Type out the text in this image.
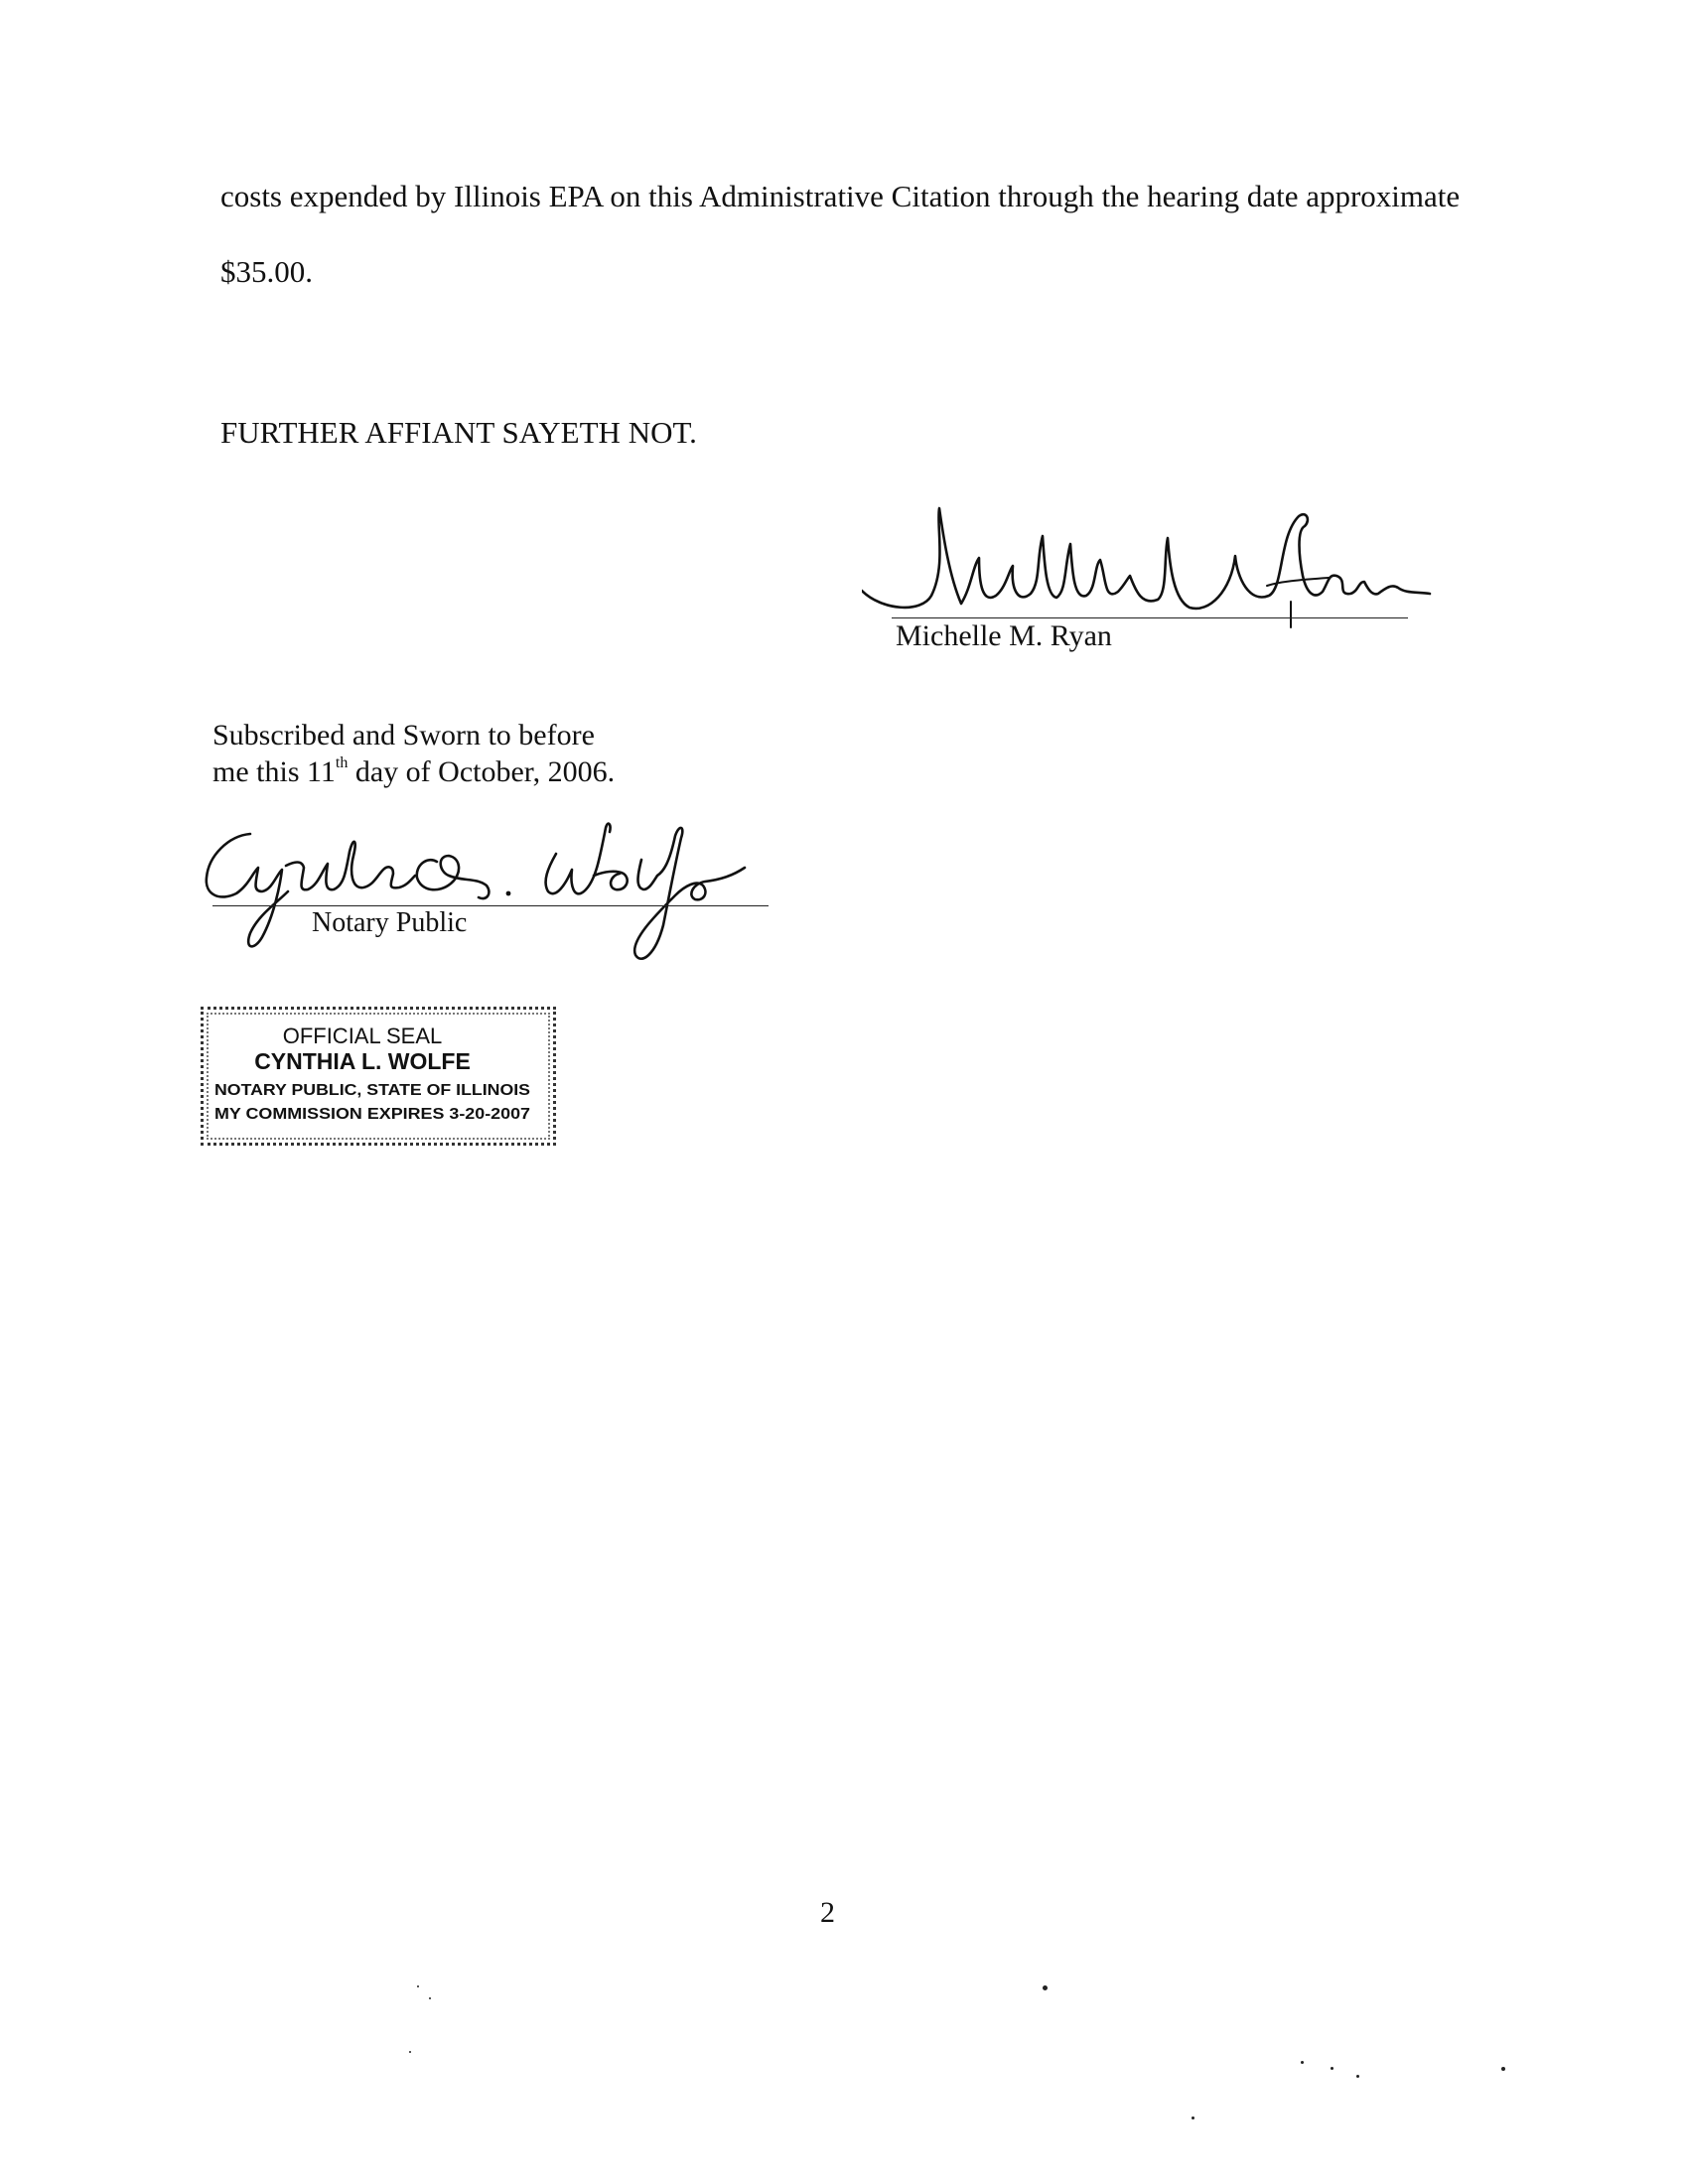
costs expended by Illinois EPA on this Administrative Citation through the hearing date approximate
$35.00.
FURTHER AFFIANT SAYETH NOT.
Michelle M. Ryan
Subscribed and Sworn to before
me this 11th day of October, 2006.
Notary Public
OFFICIAL SEAL
CYNTHIA L. WOLFE
NOTARY PUBLIC, STATE OF ILLINOIS
MY COMMISSION EXPIRES 3-20-2007
2
